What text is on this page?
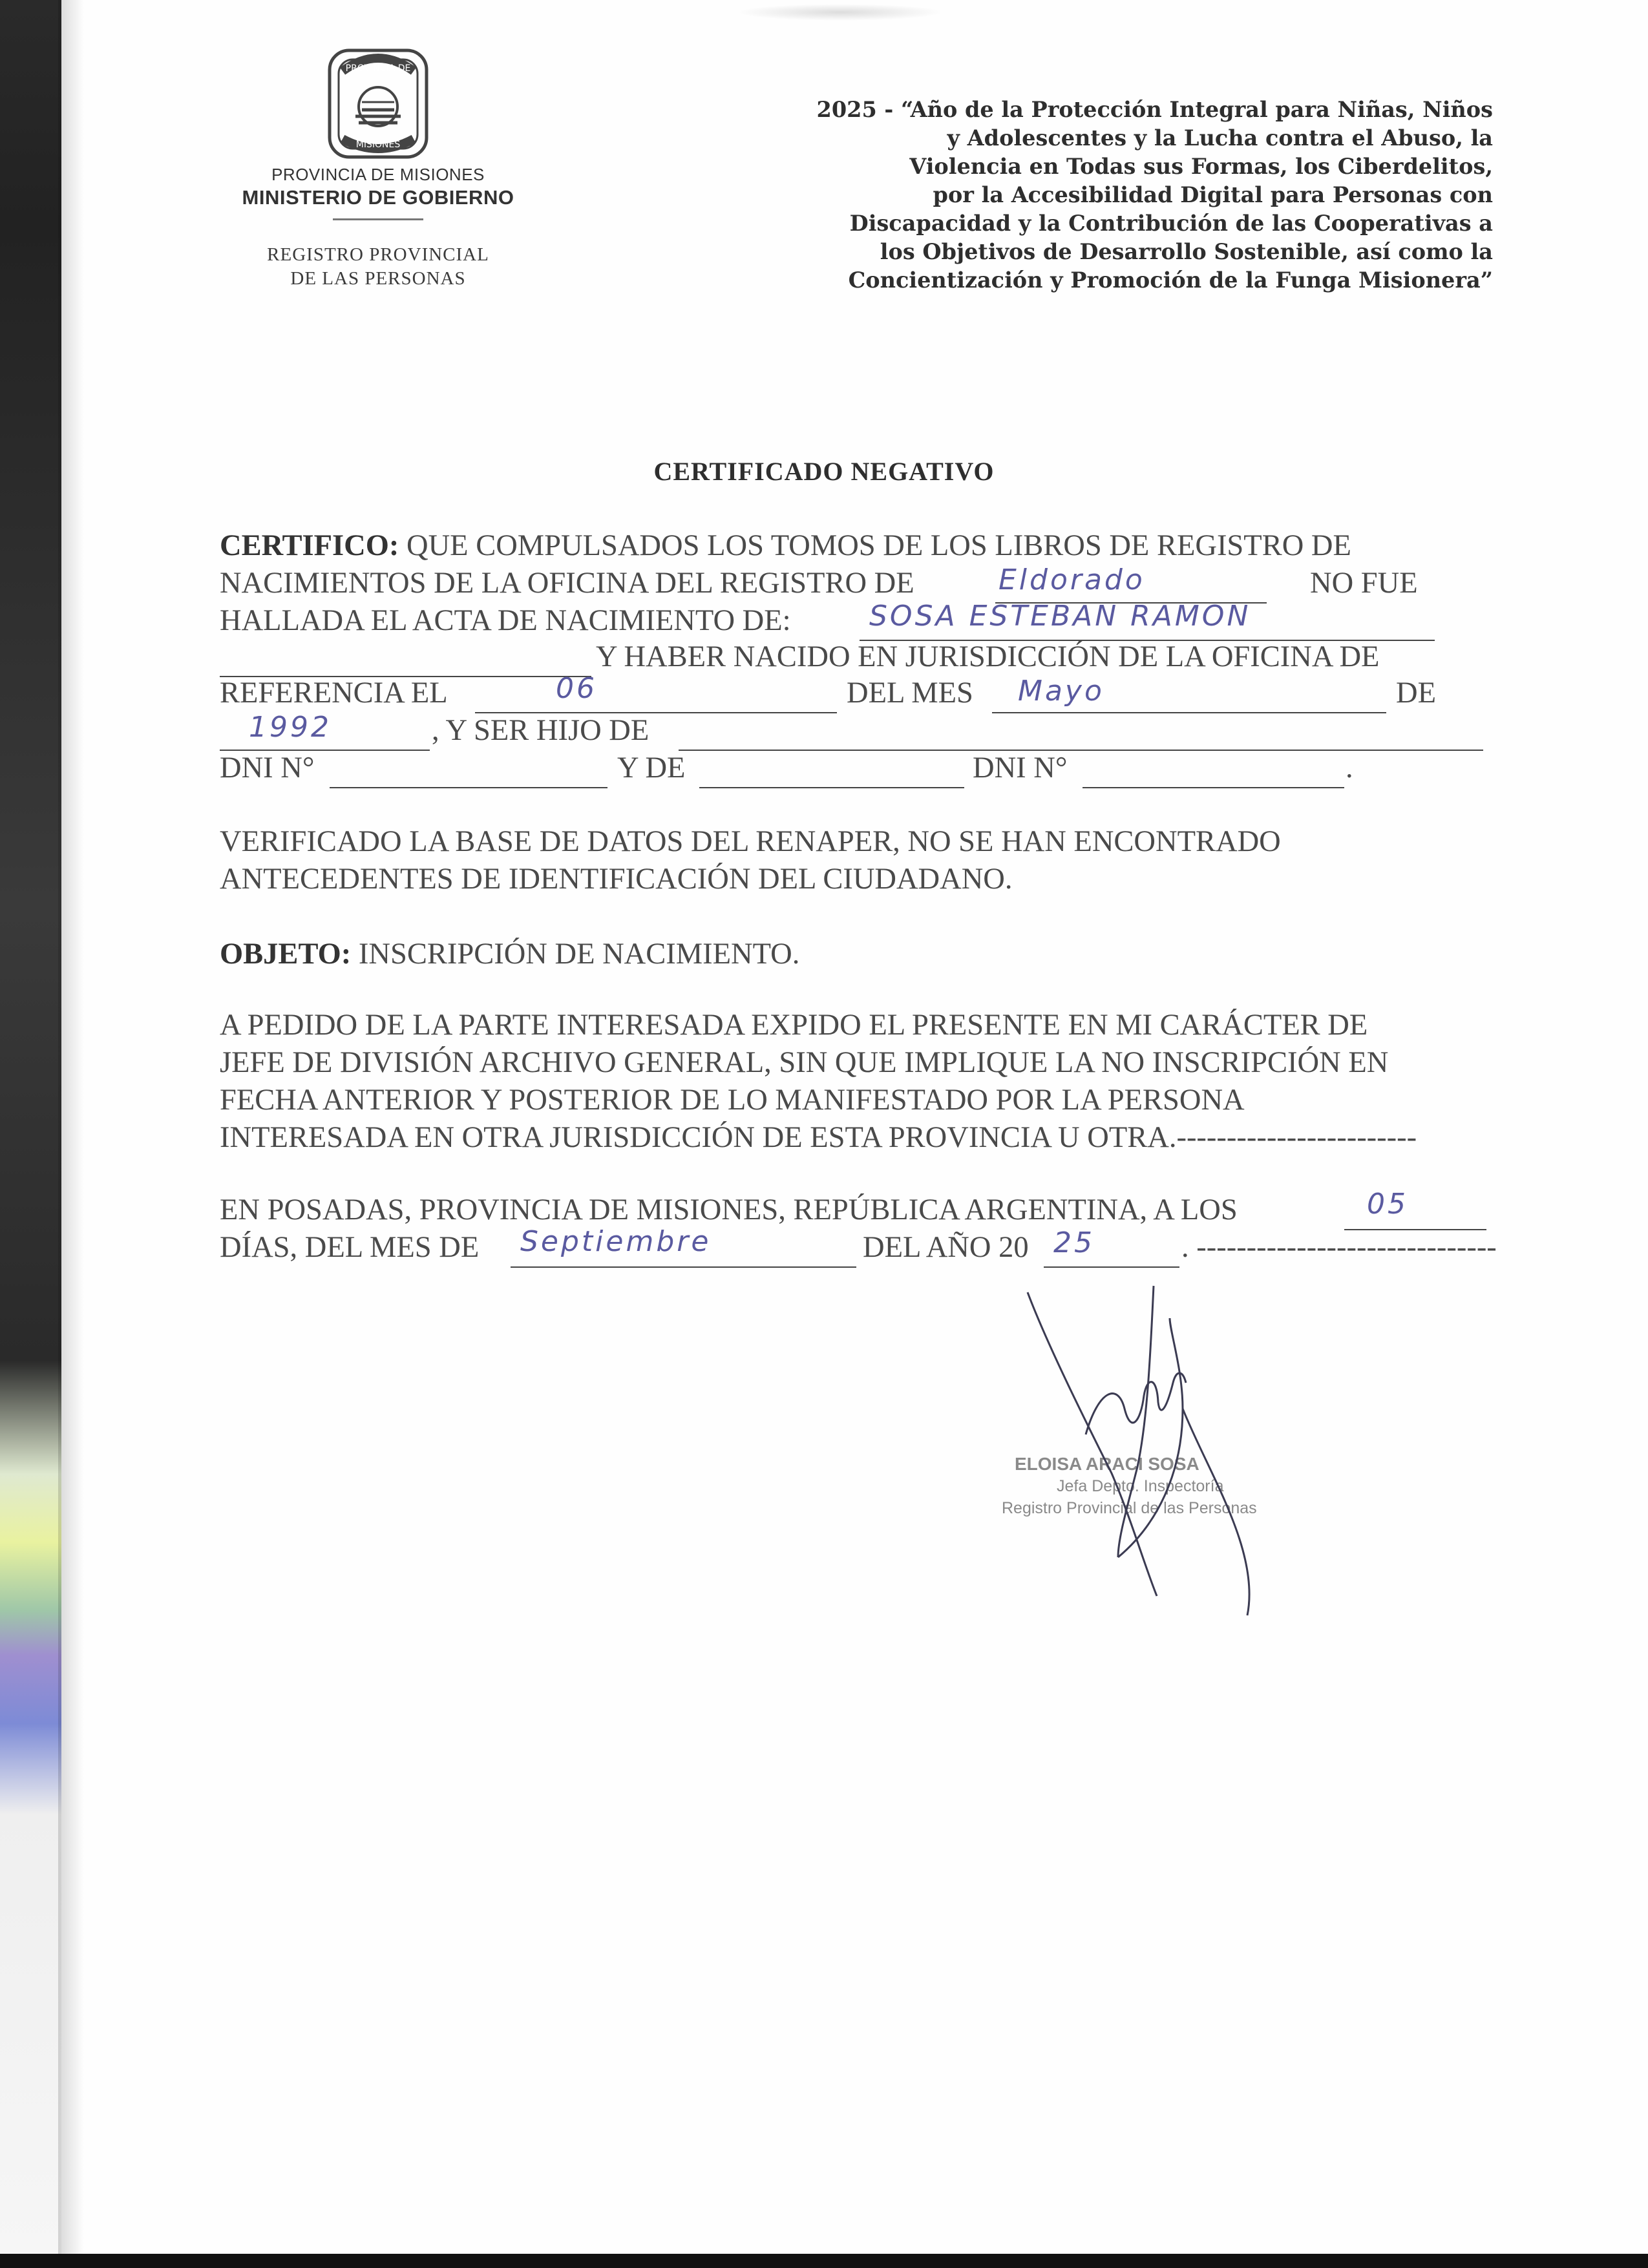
PROVINCIA DE
MISIONES
PROVINCIA DE MISIONES
MINISTERIO DE GOBIERNO
REGISTRO PROVINCIAL
DE LAS PERSONAS
2025 - “Año de la Protección Integral para Niñas, Niños
y Adolescentes y la Lucha contra el Abuso, la
Violencia en Todas sus Formas, los Ciberdelitos,
por la Accesibilidad Digital para Personas con
Discapacidad y la Contribución de las Cooperativas a
los Objetivos de Desarrollo Sostenible, así como la
Concientización y Promoción de la Funga Misionera”
CERTIFICADO NEGATIVO
CERTIFICO: QUE COMPULSADOS LOS TOMOS DE LOS LIBROS DE REGISTRO DE
NACIMIENTOS DE LA OFICINA DEL REGISTRO DE	Eldorado	NO FUE
HALLADA EL ACTA DE NACIMIENTO DE:	SOSA ESTEBAN RAMON
Y HABER NACIDO EN JURISDICCIÓN DE LA OFICINA DE
REFERENCIA EL	06	DEL MES Mayo	DE
1992	, Y SER HIJO DE
DNI N°	Y DE	DNI N°	.
VERIFICADO LA BASE DE DATOS DEL RENAPER, NO SE HAN ENCONTRADO
ANTECEDENTES DE IDENTIFICACIÓN DEL CIUDADANO.
OBJETO: INSCRIPCIÓN DE NACIMIENTO.
A PEDIDO DE LA PARTE INTERESADA EXPIDO EL PRESENTE EN MI CARÁCTER DE
JEFE DE DIVISIÓN ARCHIVO GENERAL, SIN QUE IMPLIQUE LA NO INSCRIPCIÓN EN
FECHA ANTERIOR Y POSTERIOR DE LO MANIFESTADO POR LA PERSONA
INTERESADA EN OTRA JURISDICCIÓN DE ESTA PROVINCIA U OTRA.------------------------
EN POSADAS, PROVINCIA DE MISIONES, REPÚBLICA ARGENTINA, A LOS	05
DÍAS, DEL MES DE Septiembre	DEL AÑO 20 25	. ------------------------------
ELOISA ARACI SOSA
Jefa Depto. Inspectoría
Registro Provincial de las Personas
